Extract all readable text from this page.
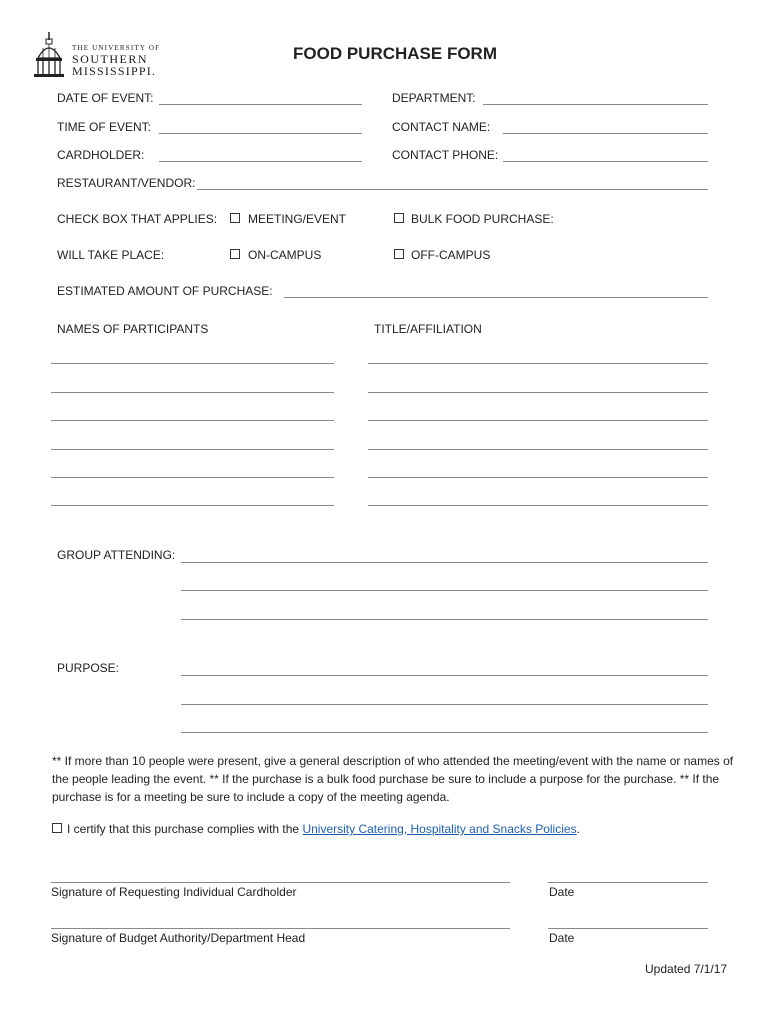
THE UNIVERSITY OF
SOUTHERN
MISSISSIPPI.
FOOD PURCHASE FORM
DATE OF EVENT:	DEPARTMENT:
TIME OF EVENT:	CONTACT NAME:
CARDHOLDER:	CONTACT PHONE:
RESTAURANT/VENDOR:
CHECK BOX THAT APPLIES:	MEETING/EVENT	BULK FOOD PURCHASE:
WILL TAKE PLACE:	ON-CAMPUS	OFF-CAMPUS
ESTIMATED AMOUNT OF PURCHASE:
NAMES OF PARTICIPANTS	TITLE/AFFILIATION
GROUP ATTENDING:
PURPOSE:

** If more than 10 people were present, give a general description of who attended the meeting/event with the name or names of the people leading the event. ** If the purchase is a bulk food purchase be sure to include a purpose for the purchase. ** If the purchase is for a meeting be sure to include a copy of the meeting agenda.

I certify that this purchase complies with the University Catering, Hospitality and Snacks Policies.
Signature of Requesting Individual Cardholder	Date
Signature of Budget Authority/Department Head	Date
Updated 7/1/17
